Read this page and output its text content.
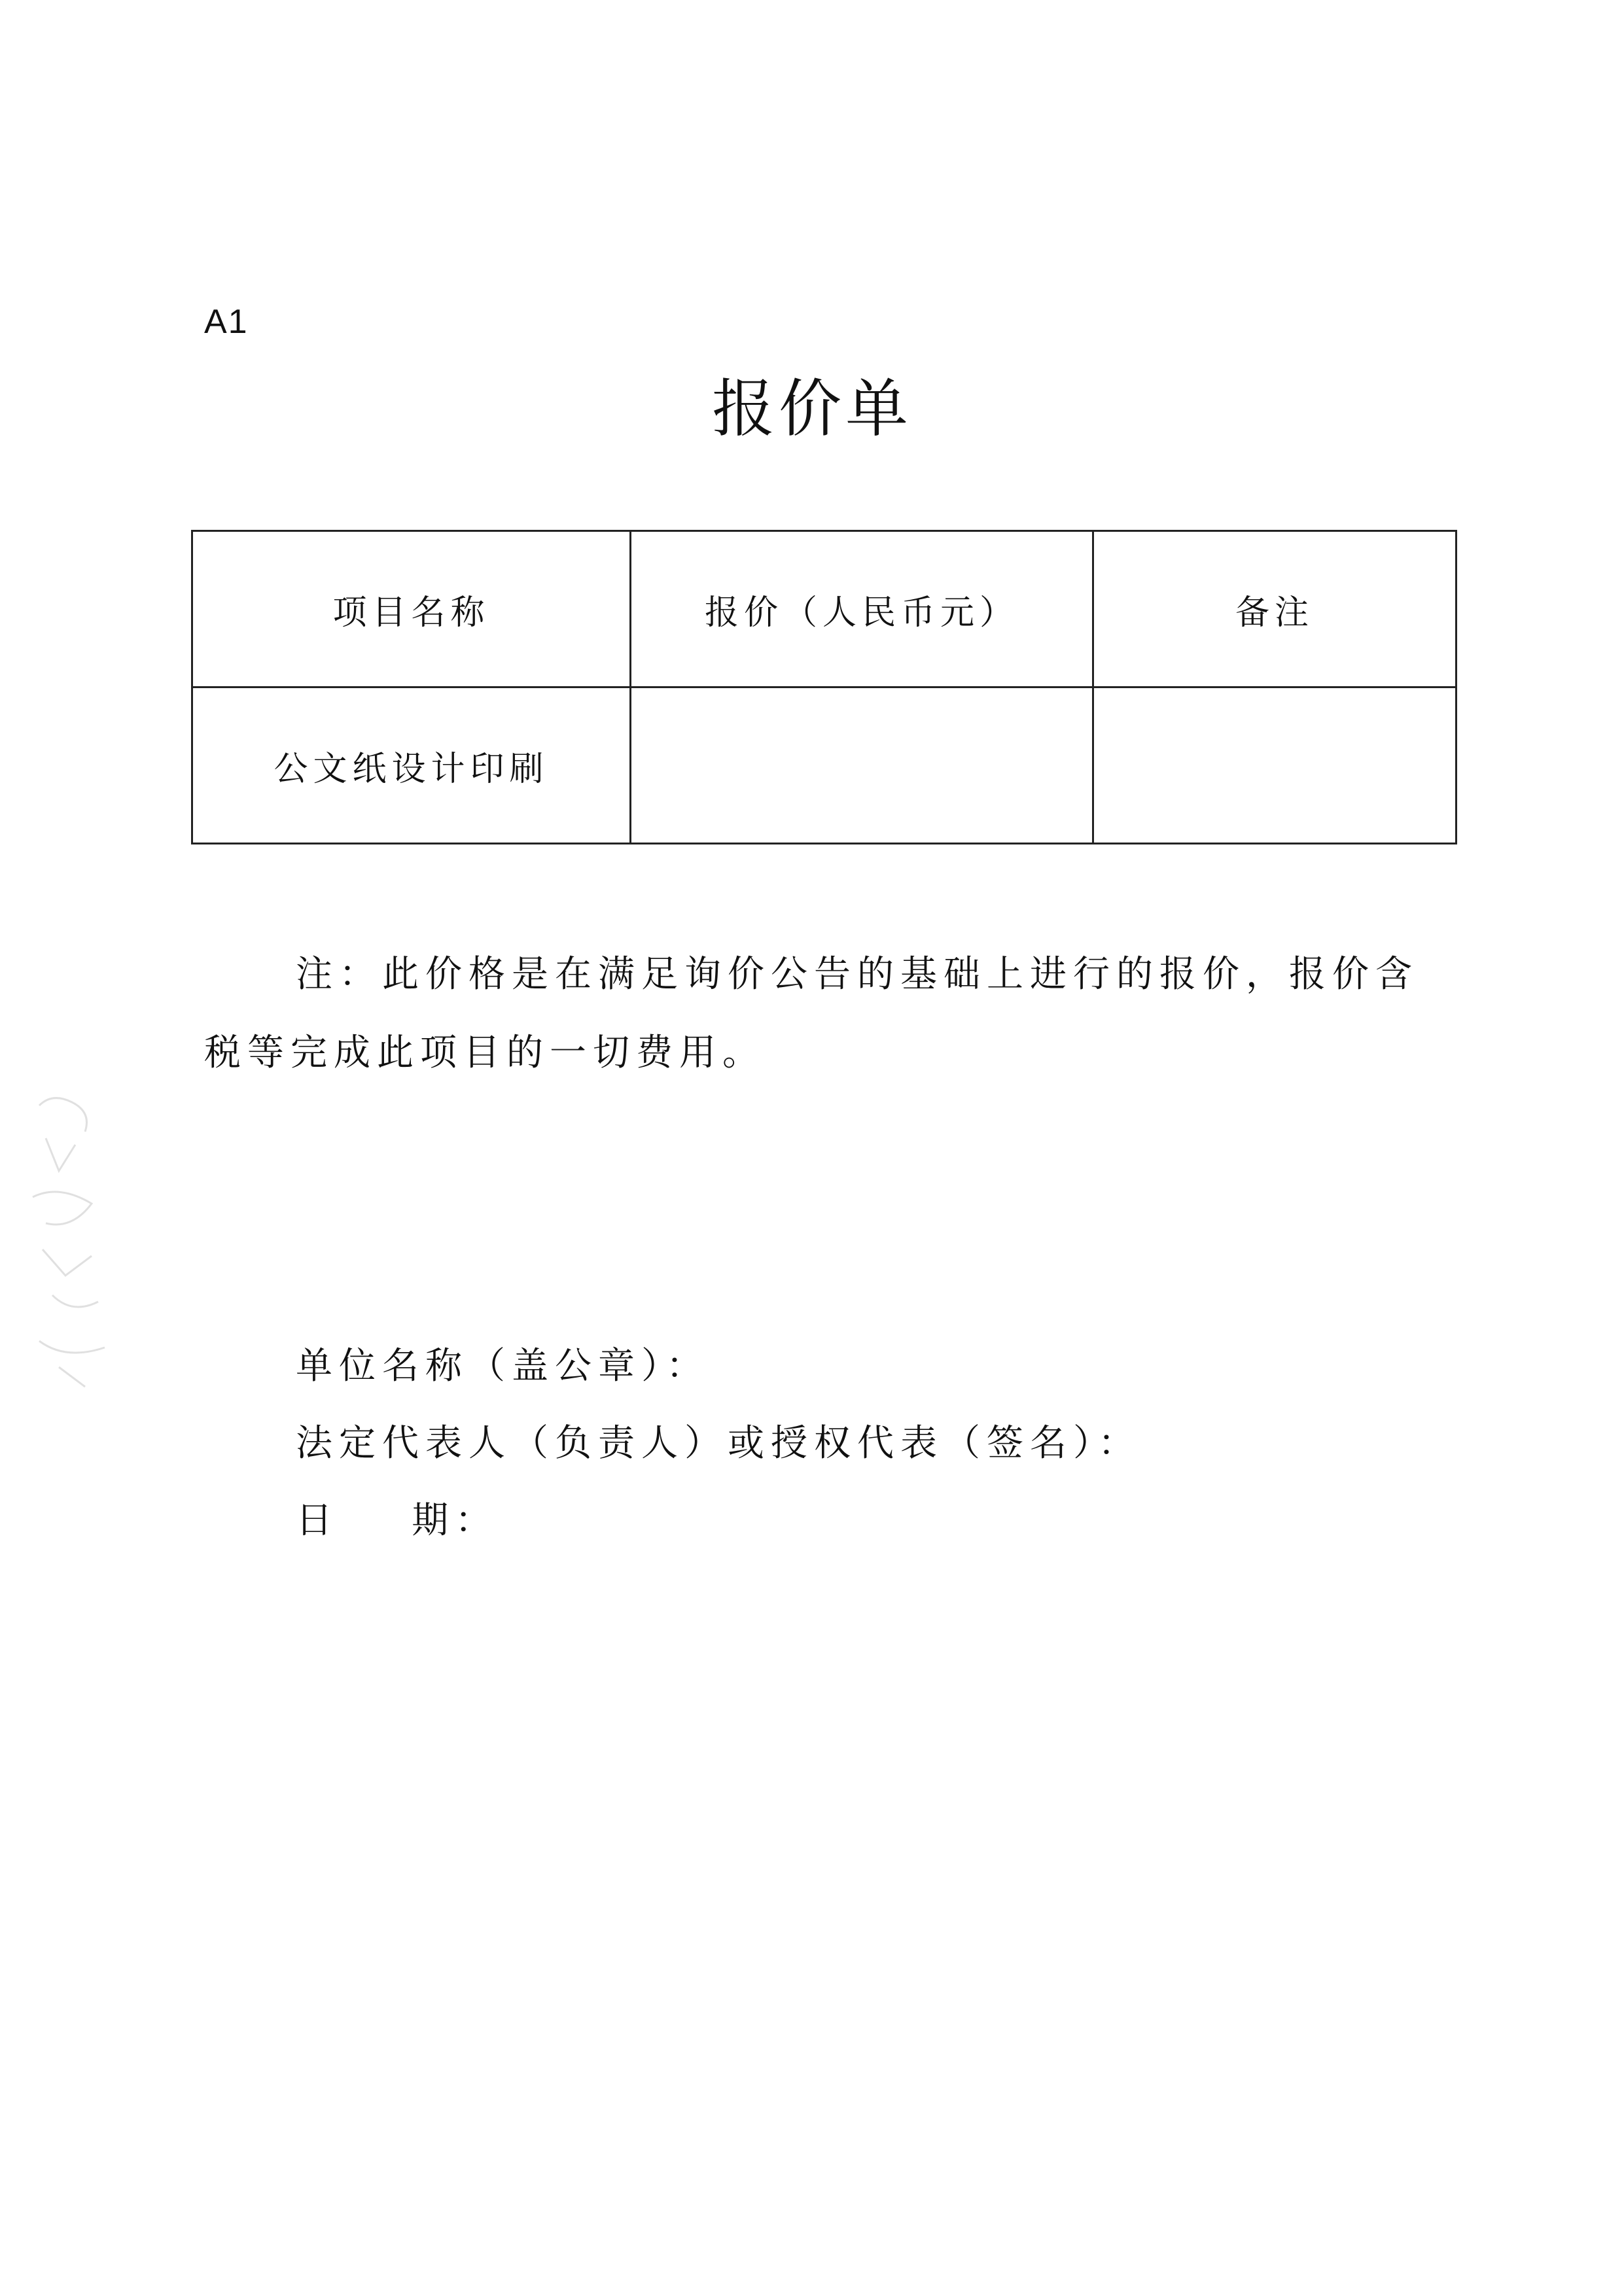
A1
报价单
项目名称	报价（人民币元）	备注
公文纸设计印刷		
注：此价格是在满足询价公告的基础上进行的报价，报价含
税等完成此项目的一切费用。
单位名称（盖公章）：
法定代表人（负责人）或授权代表（签名）：
日    期：
